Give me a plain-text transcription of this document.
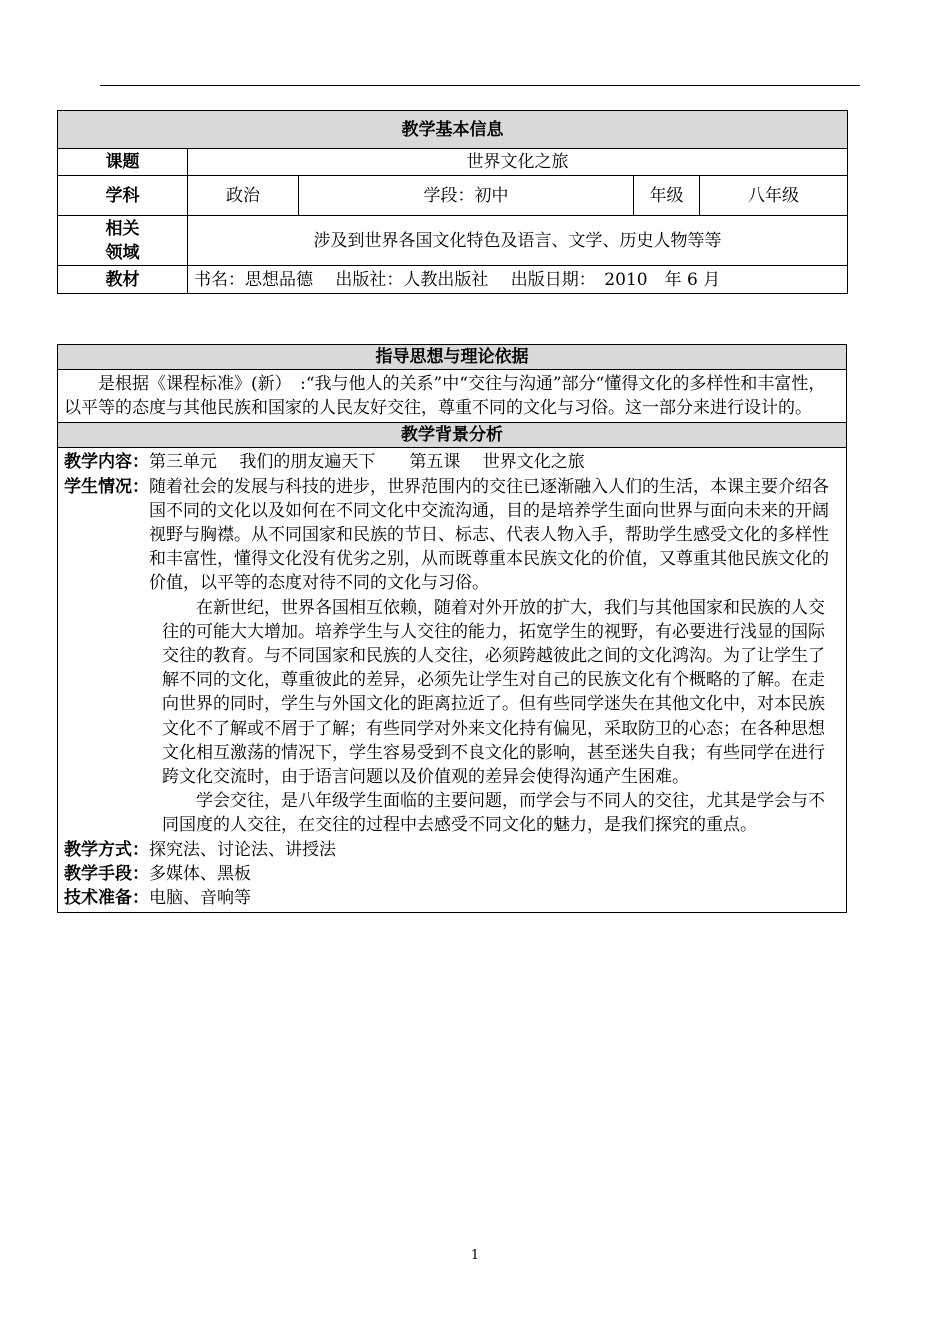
教学基本信息				
课题	世界文化之旅			
学科	政治	学段：初中	年级	八年级

相关
领域	涉及到世界各国文化特色及语言、文学、历史人物等等			
教材	书名：思想品德　 出版社：人教出版社　 出版日期：　2010　年 6 月			
指导思想与理论依据

是根据《课程标准》(新）　:“我与他人的关系”中“交往与沟通”部分“懂得文化的多样性和丰富性，以平等的态度与其他民族和国家的人民友好交往，尊重不同的文化与习俗。这一部分来进行设计的。

教学背景分析

教学内容： 第三单元　 我们的朋友遍天下　　第五课　 世界文化之旅
学生情况： 随着社会的发展与科技的进步，世界范围内的交往已逐渐融入人们的生活，本课主要介绍各国不同的文化以及如何在不同文化中交流沟通，目的是培养学生面向世界与面向未来的开阔视野与胸襟。从不同国家和民族的节日、标志、代表人物入手，帮助学生感受文化的多样性和丰富性，懂得文化没有优劣之别，从而既尊重本民族文化的价值，又尊重其他民族文化的价值，以平等的态度对待不同的文化与习俗。
在新世纪，世界各国相互依赖，随着对外开放的扩大，我们与其他国家和民族的人交往的可能大大增加。培养学生与人交往的能力，拓宽学生的视野，有必要进行浅显的国际交往的教育。与不同国家和民族的人交往，必须跨越彼此之间的文化鸿沟。为了让学生了解不同的文化，尊重彼此的差异，必须先让学生对自己的民族文化有个概略的了解。在走向世界的同时，学生与外国文化的距离拉近了。但有些同学迷失在其他文化中，对本民族文化不了解或不屑于了解；有些同学对外来文化持有偏见，采取防卫的心态；在各种思想文化相互激荡的情况下，学生容易受到不良文化的影响，甚至迷失自我；有些同学在进行跨文化交流时，由于语言问题以及价值观的差异会使得沟通产生困难。
学会交往，是八年级学生面临的主要问题，而学会与不同人的交往，尤其是学会与不同国度的人交往，在交往的过程中去感受不同文化的魅力，是我们探究的重点。
教学方式： 探究法、讨论法、讲授法
教学手段： 多媒体、黑板
技术准备： 电脑、音响等
1
